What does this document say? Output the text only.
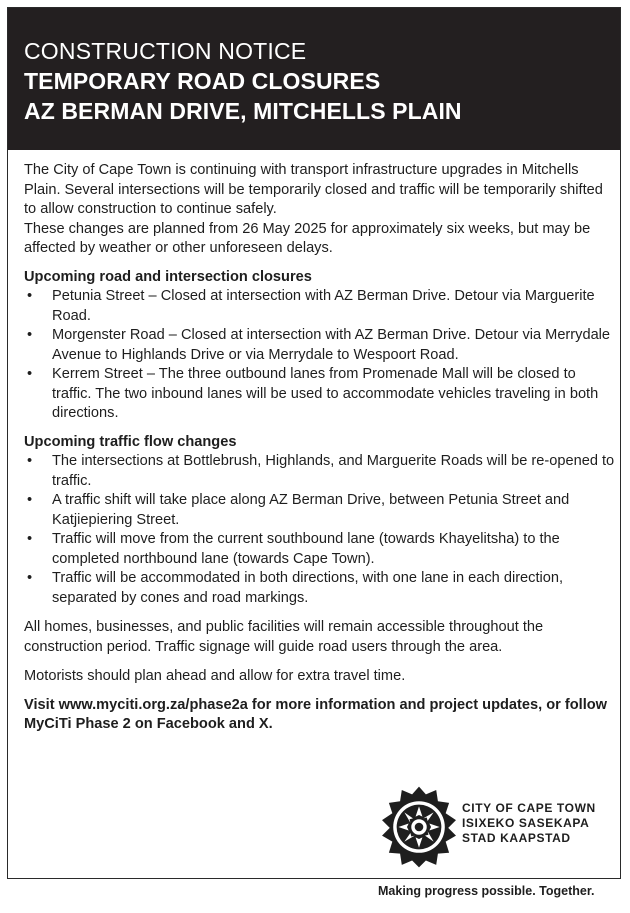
CONSTRUCTION NOTICE
TEMPORARY ROAD CLOSURES
AZ BERMAN DRIVE, MITCHELLS PLAIN

The City of Cape Town is continuing with transport infrastructure upgrades in Mitchells Plain. Several intersections will be temporarily closed and traffic will be temporarily shifted to allow construction to continue safely.

These changes are planned from 26 May 2025 for approximately six weeks, but may be affected by weather or other unforeseen delays.

Upcoming road and intersection closures
• Petunia Street – Closed at intersection with AZ Berman Drive. Detour via Marguerite Road.
• Morgenster Road – Closed at intersection with AZ Berman Drive. Detour via Merrydale Avenue to Highlands Drive or via Merrydale to Wespoort Road.
• Kerrem Street – The three outbound lanes from Promenade Mall will be closed to traffic. The two inbound lanes will be used to accommodate vehicles traveling in both directions.
Upcoming traffic flow changes
• The intersections at Bottlebrush, Highlands, and Marguerite Roads will be re-opened to traffic.
• A traffic shift will take place along AZ Berman Drive, between Petunia Street and Katjiepiering Street.
• Traffic will move from the current southbound lane (towards Khayelitsha) to the completed northbound lane (towards Cape Town).
• Traffic will be accommodated in both directions, with one lane in each direction, separated by cones and road markings.

All homes, businesses, and public facilities will remain accessible throughout the construction period. Traffic signage will guide road users through the area.

Motorists should plan ahead and allow for extra travel time.

Visit www.myciti.org.za/phase2a for more information and project updates, or follow MyCiTi Phase 2 on Facebook and X.

CITY OF CAPE TOWN
ISIXEKO SASEKAPA
STAD KAAPSTAD
Making progress possible. Together.
